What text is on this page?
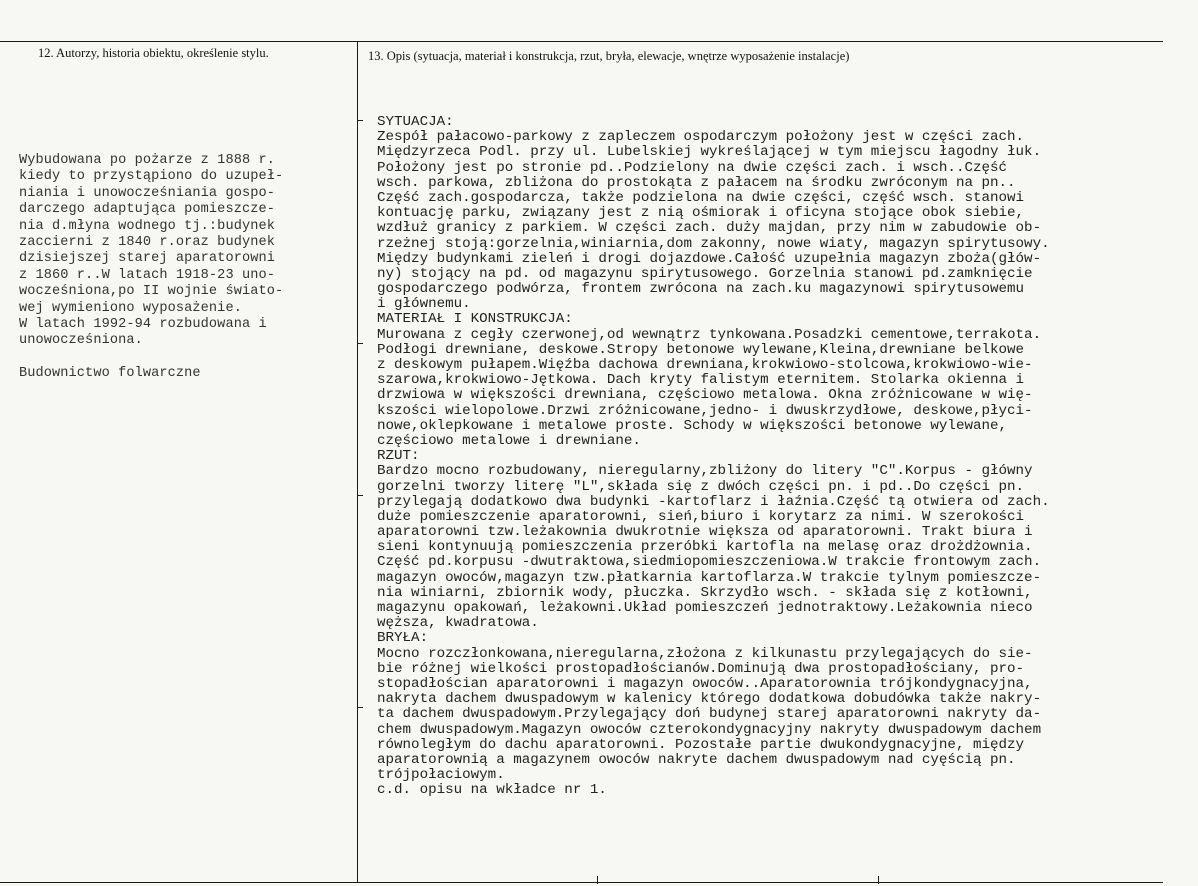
12. Autorzy, historia obiektu, określenie stylu.	13. Opis (sytuacja, materiał i konstrukcja, rzut, bryła, elewacje, wnętrze wyposażenie instalacje)
Wybudowana po pożarze z 1888 r.
kiedy to przystąpiono do uzupeł-
niania i unowocześniania gospo-
darczego adaptująca pomieszcze-
nia d.młyna wodnego tj.:budynek
zaccierni z 1840 r.oraz budynek
dzisiejszej starej aparatorowni
z 1860 r..W latach 1918-23 uno-
wocześniona,po II wojnie świato-
wej wymieniono wyposażenie.
W latach 1992-94 rozbudowana i
unowocześniona.
Budownictwo folwarczne
SYTUACJA:
Zespół pałacowo-parkowy z zapleczem ospodarczym położony jest w części zach.
Międzyrzeca Podl. przy ul. Lubelskiej wykreślającej w tym miejscu łagodny łuk.
Położony jest po stronie pd..Podzielony na dwie części zach. i wsch..Część
wsch. parkowa, zbliżona do prostokąta z pałacem na środku zwróconym na pn..
Część zach.gospodarcza, także podzielona na dwie części, część wsch. stanowi
kontuację parku, związany jest z nią ośmiorak i oficyna stojące obok siebie,
wzdłuż granicy z parkiem. W części zach. duży majdan, przy nim w zabudowie ob-
rzeżnej stoją:gorzelnia,winiarnia,dom zakonny, nowe wiaty, magazyn spirytusowy.
Między budynkami zieleń i drogi dojazdowe.Całość uzupełnia magazyn zboża(głów-
ny) stojący na pd. od magazynu spirytusowego. Gorzelnia stanowi pd.zamknięcie
gospodarczego podwórza, frontem zwrócona na zach.ku magazynowi spirytusowemu
i głównemu.
MATERIAŁ I KONSTRUKCJA:
Murowana z cegły czerwonej,od wewnątrz tynkowana.Posadzki cementowe,terrakota.
Podłogi drewniane, deskowe.Stropy betonowe wylewane,Kleina,drewniane belkowe
z deskowym pułapem.Więźba dachowa drewniana,krokwiowo-stolcowa,krokwiowo-wie-
szarowa,krokwiowo-Jętkowa. Dach kryty falistym eternitem. Stolarka okienna i
drzwiowa w większości drewniana, częściowo metalowa. Okna zróżnicowane w wię-
kszości wielopolowe.Drzwi zróżnicowane,jedno- i dwuskrzydłowe, deskowe,płyci-
nowe,oklepkowane i metalowe proste. Schody w większości betonowe wylewane,
częściowo metalowe i drewniane.
RZUT:
Bardzo mocno rozbudowany, nieregularny,zbliżony do litery "C".Korpus - główny
gorzelni tworzy literę "L",składa się z dwóch części pn. i pd..Do części pn.
przylegają dodatkowo dwa budynki -kartoflarz i łaźnia.Część tą otwiera od zach.
duże pomieszczenie aparatorowni, sień,biuro i korytarz za nimi. W szerokości
aparatorowni tzw.leżakownia dwukrotnie większa od aparatorowni. Trakt biura i
sieni kontynuują pomieszczenia przeróbki kartofla na melasę oraz drożdżownia.
Część pd.korpusu -dwutraktowa,siedmiopomieszczeniowa.W trakcie frontowym zach.
magazyn owoców,magazyn tzw.płatkarnia kartoflarza.W trakcie tylnym pomieszcze-
nia winiarni, zbiornik wody, płuczka. Skrzydło wsch. - składa się z kotłowni,
magazynu opakowań, leżakowni.Układ pomieszczeń jednotraktowy.Leżakownia nieco
węższa, kwadratowa.
BRYŁA:
Mocno rozczłonkowana,nieregularna,złożona z kilkunastu przylegających do sie-
bie różnej wielkości prostopadłościanów.Dominują dwa prostopadłościany, pro-
stopadłościan aparatorowni i magazyn owoców..Aparatorownia trójkondygnacyjna,
nakryta dachem dwuspadowym w kalenicy którego dodatkowa dobudówka także nakry-
ta dachem dwuspadowym.Przylegający doń budynej starej aparatorowni nakryty da-
chem dwuspadowym.Magazyn owoców czterokondygnacyjny nakryty dwuspadowym dachem
równoległym do dachu aparatorowni. Pozostałe partie dwukondygnacyjne, między
aparatorownią a magazynem owoców nakryte dachem dwuspadowym nad cyęścią pn.
trójpołaciowym.
c.d. opisu na wkładce nr 1.
